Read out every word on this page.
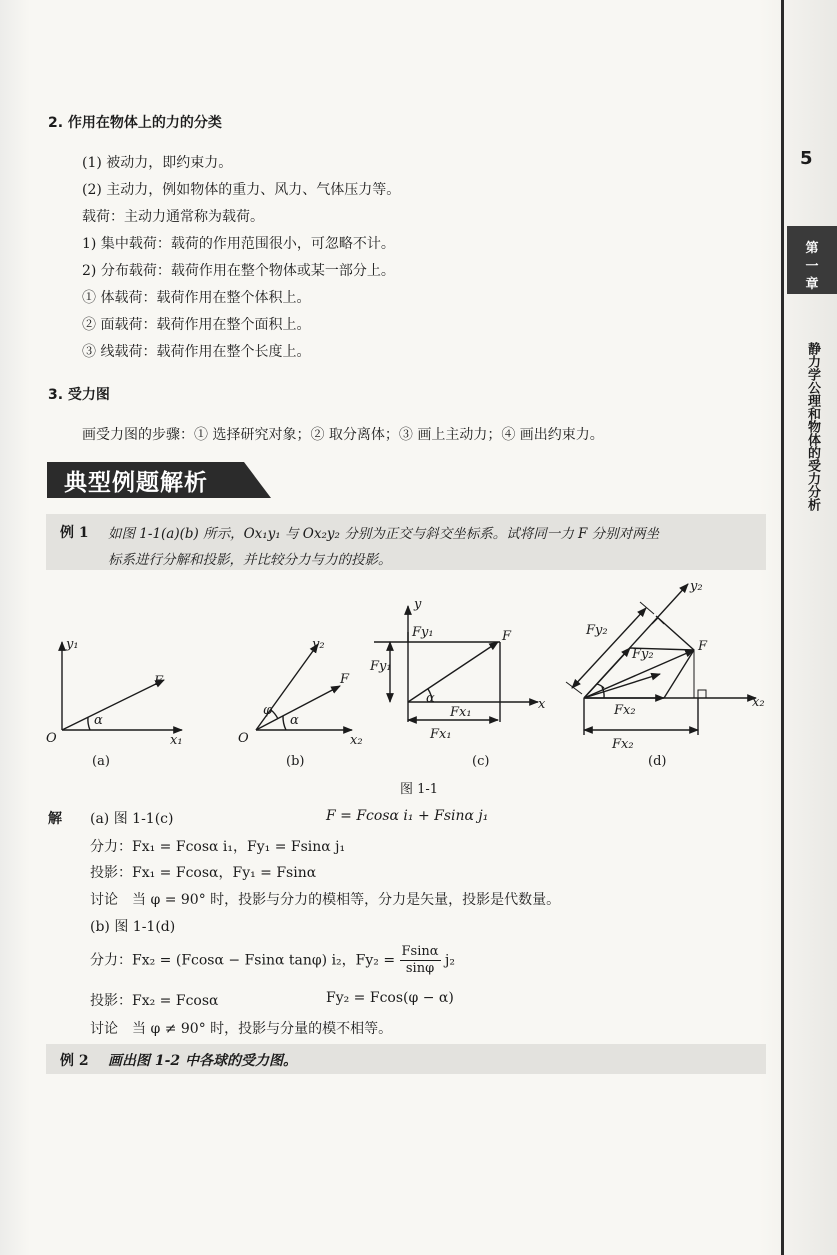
5
第
一
章
静力学公理和物体的受力分析
2. 作用在物体上的力的分类
(1) 被动力，即约束力。
(2) 主动力，例如物体的重力、风力、气体压力等。
载荷：主动力通常称为载荷。
1) 集中载荷：载荷的作用范围很小，可忽略不计。
2) 分布载荷：载荷作用在整个物体或某一部分上。
① 体载荷：载荷作用在整个体积上。
② 面载荷：载荷作用在整个面积上。
③ 线载荷：载荷作用在整个长度上。
3. 受力图
画受力图的步骤：① 选择研究对象；② 取分离体；③ 画上主动力；④ 画出约束力。
典型例题解析
例 1 如图 1-1(a)(b) 所示，Ox₁y₁ 与 Ox₂y₂ 分别为正交与斜交坐标系。试将同一力 F 分别对两坐
标系进行分解和投影，并比较分力与力的投影。
y₁
x₁
F
α
O
(a)
y₂
x₂
F
α
φ
O
(b)
y
x
F
Fy₁
Fy₁
Fx₁
Fx₁
α
(c)
y₂
x₂
F
Fy₂
Fy₂
Fx₂
Fx₂
(d)
图 1-1
解 (a) 图 1-1(c)	F = Fcosα i₁ + Fsinα j₁
分力：Fx₁ = Fcosα i₁，Fy₁ = Fsinα j₁
投影：Fx₁ = Fcosα，Fy₁ = Fsinα
讨论　当 φ = 90° 时，投影与分力的模相等，分力是矢量，投影是代数量。
(b) 图 1-1(d)
分力：Fx₂ = (Fcosα − Fsinα tanφ) i₂，$Fy_2 = \frac{Fsin\alpha}{\sin\varphi} j_2$
投影：Fx₂ = Fcosα	Fy₂ = Fcos(φ − α)
讨论　当 φ ≠ 90° 时，投影与分量的模不相等。
例 2 画出图 1-2 中各球的受力图。
